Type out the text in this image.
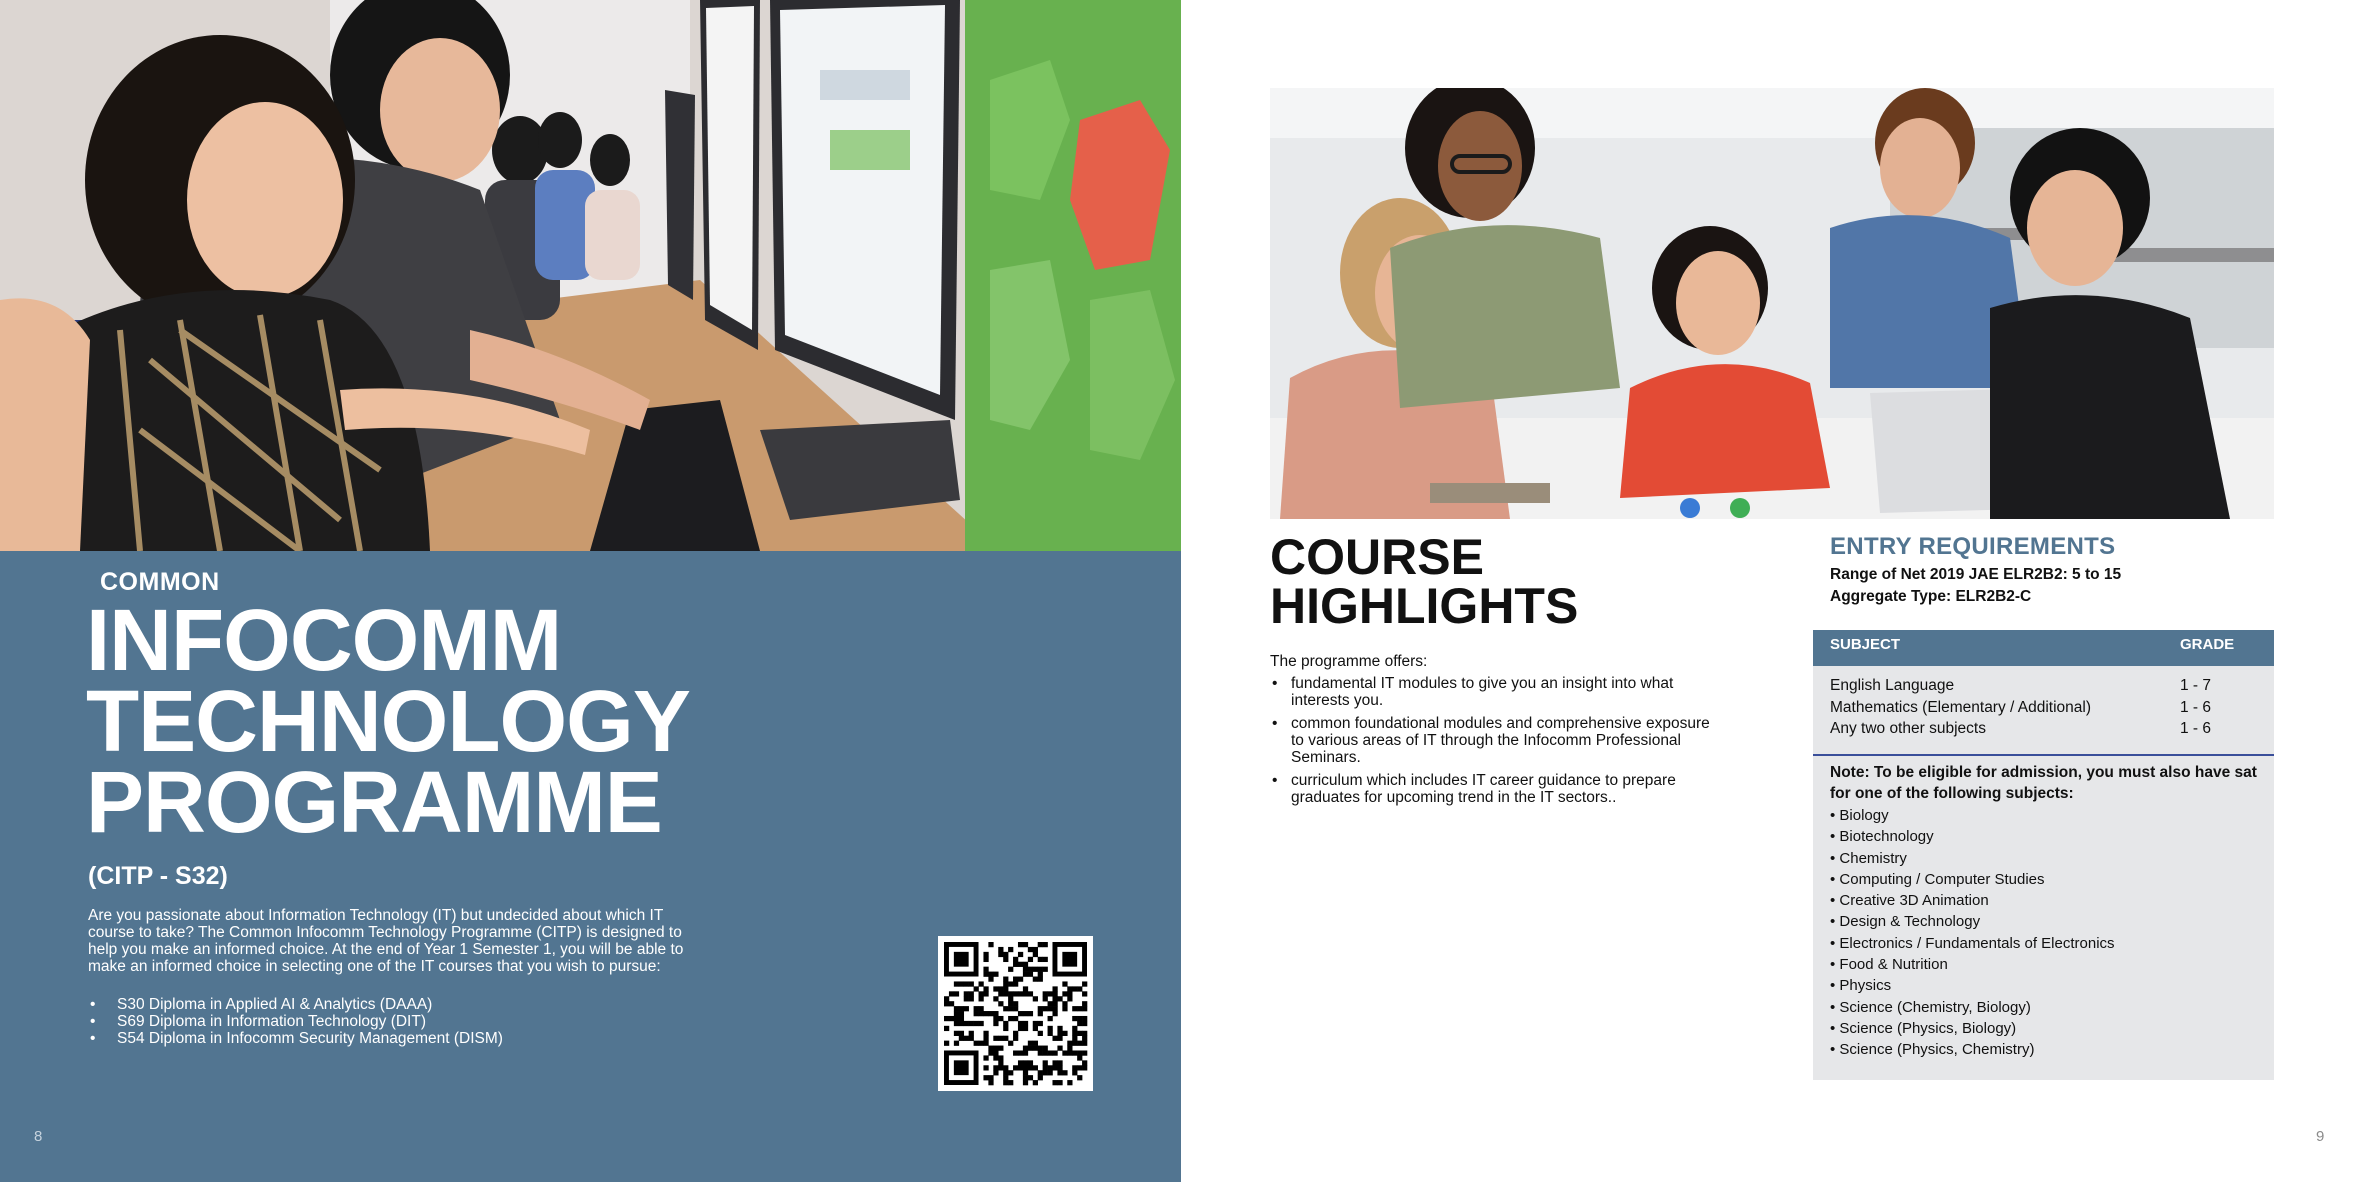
COMMON
INFOCOMM
TECHNOLOGY
PROGRAMME
(CITP - S32)

Are you passionate about Information Technology (IT) but undecided about which IT course to take? The Common Infocomm Technology Programme (CITP) is designed to help you make an informed choice. At the end of Year 1 Semester 1, you will be able to make an informed choice in selecting one of the IT courses that you wish to pursue:

• S30 Diploma in Applied AI & Analytics (DAAA)
• S69 Diploma in Information Technology (DIT)
• S54 Diploma in Infocomm Security Management (DISM)
8
COURSE
HIGHLIGHTS
The programme offers:
• fundamental IT modules to give you an insight into what interests you.
• common foundational modules and comprehensive exposure to various areas of IT through the Infocomm Professional Seminars.
• curriculum which includes IT career guidance to prepare graduates for upcoming trend in the IT sectors..
ENTRY REQUIREMENTS
Range of Net 2019 JAE ELR2B2: 5 to 15
Aggregate Type: ELR2B2-C
SUBJECT	GRADE
English Language	1 - 7
Mathematics (Elementary / Additional)	1 - 6
Any two other subjects	1 - 6
Note: To be eligible for admission, you must also have sat for one of the following subjects:
• Biology
• Biotechnology
• Chemistry
• Computing / Computer Studies
• Creative 3D Animation
• Design & Technology
• Electronics / Fundamentals of Electronics
• Food & Nutrition
• Physics
• Science (Chemistry, Biology)
• Science (Physics, Biology)
• Science (Physics, Chemistry)
9
